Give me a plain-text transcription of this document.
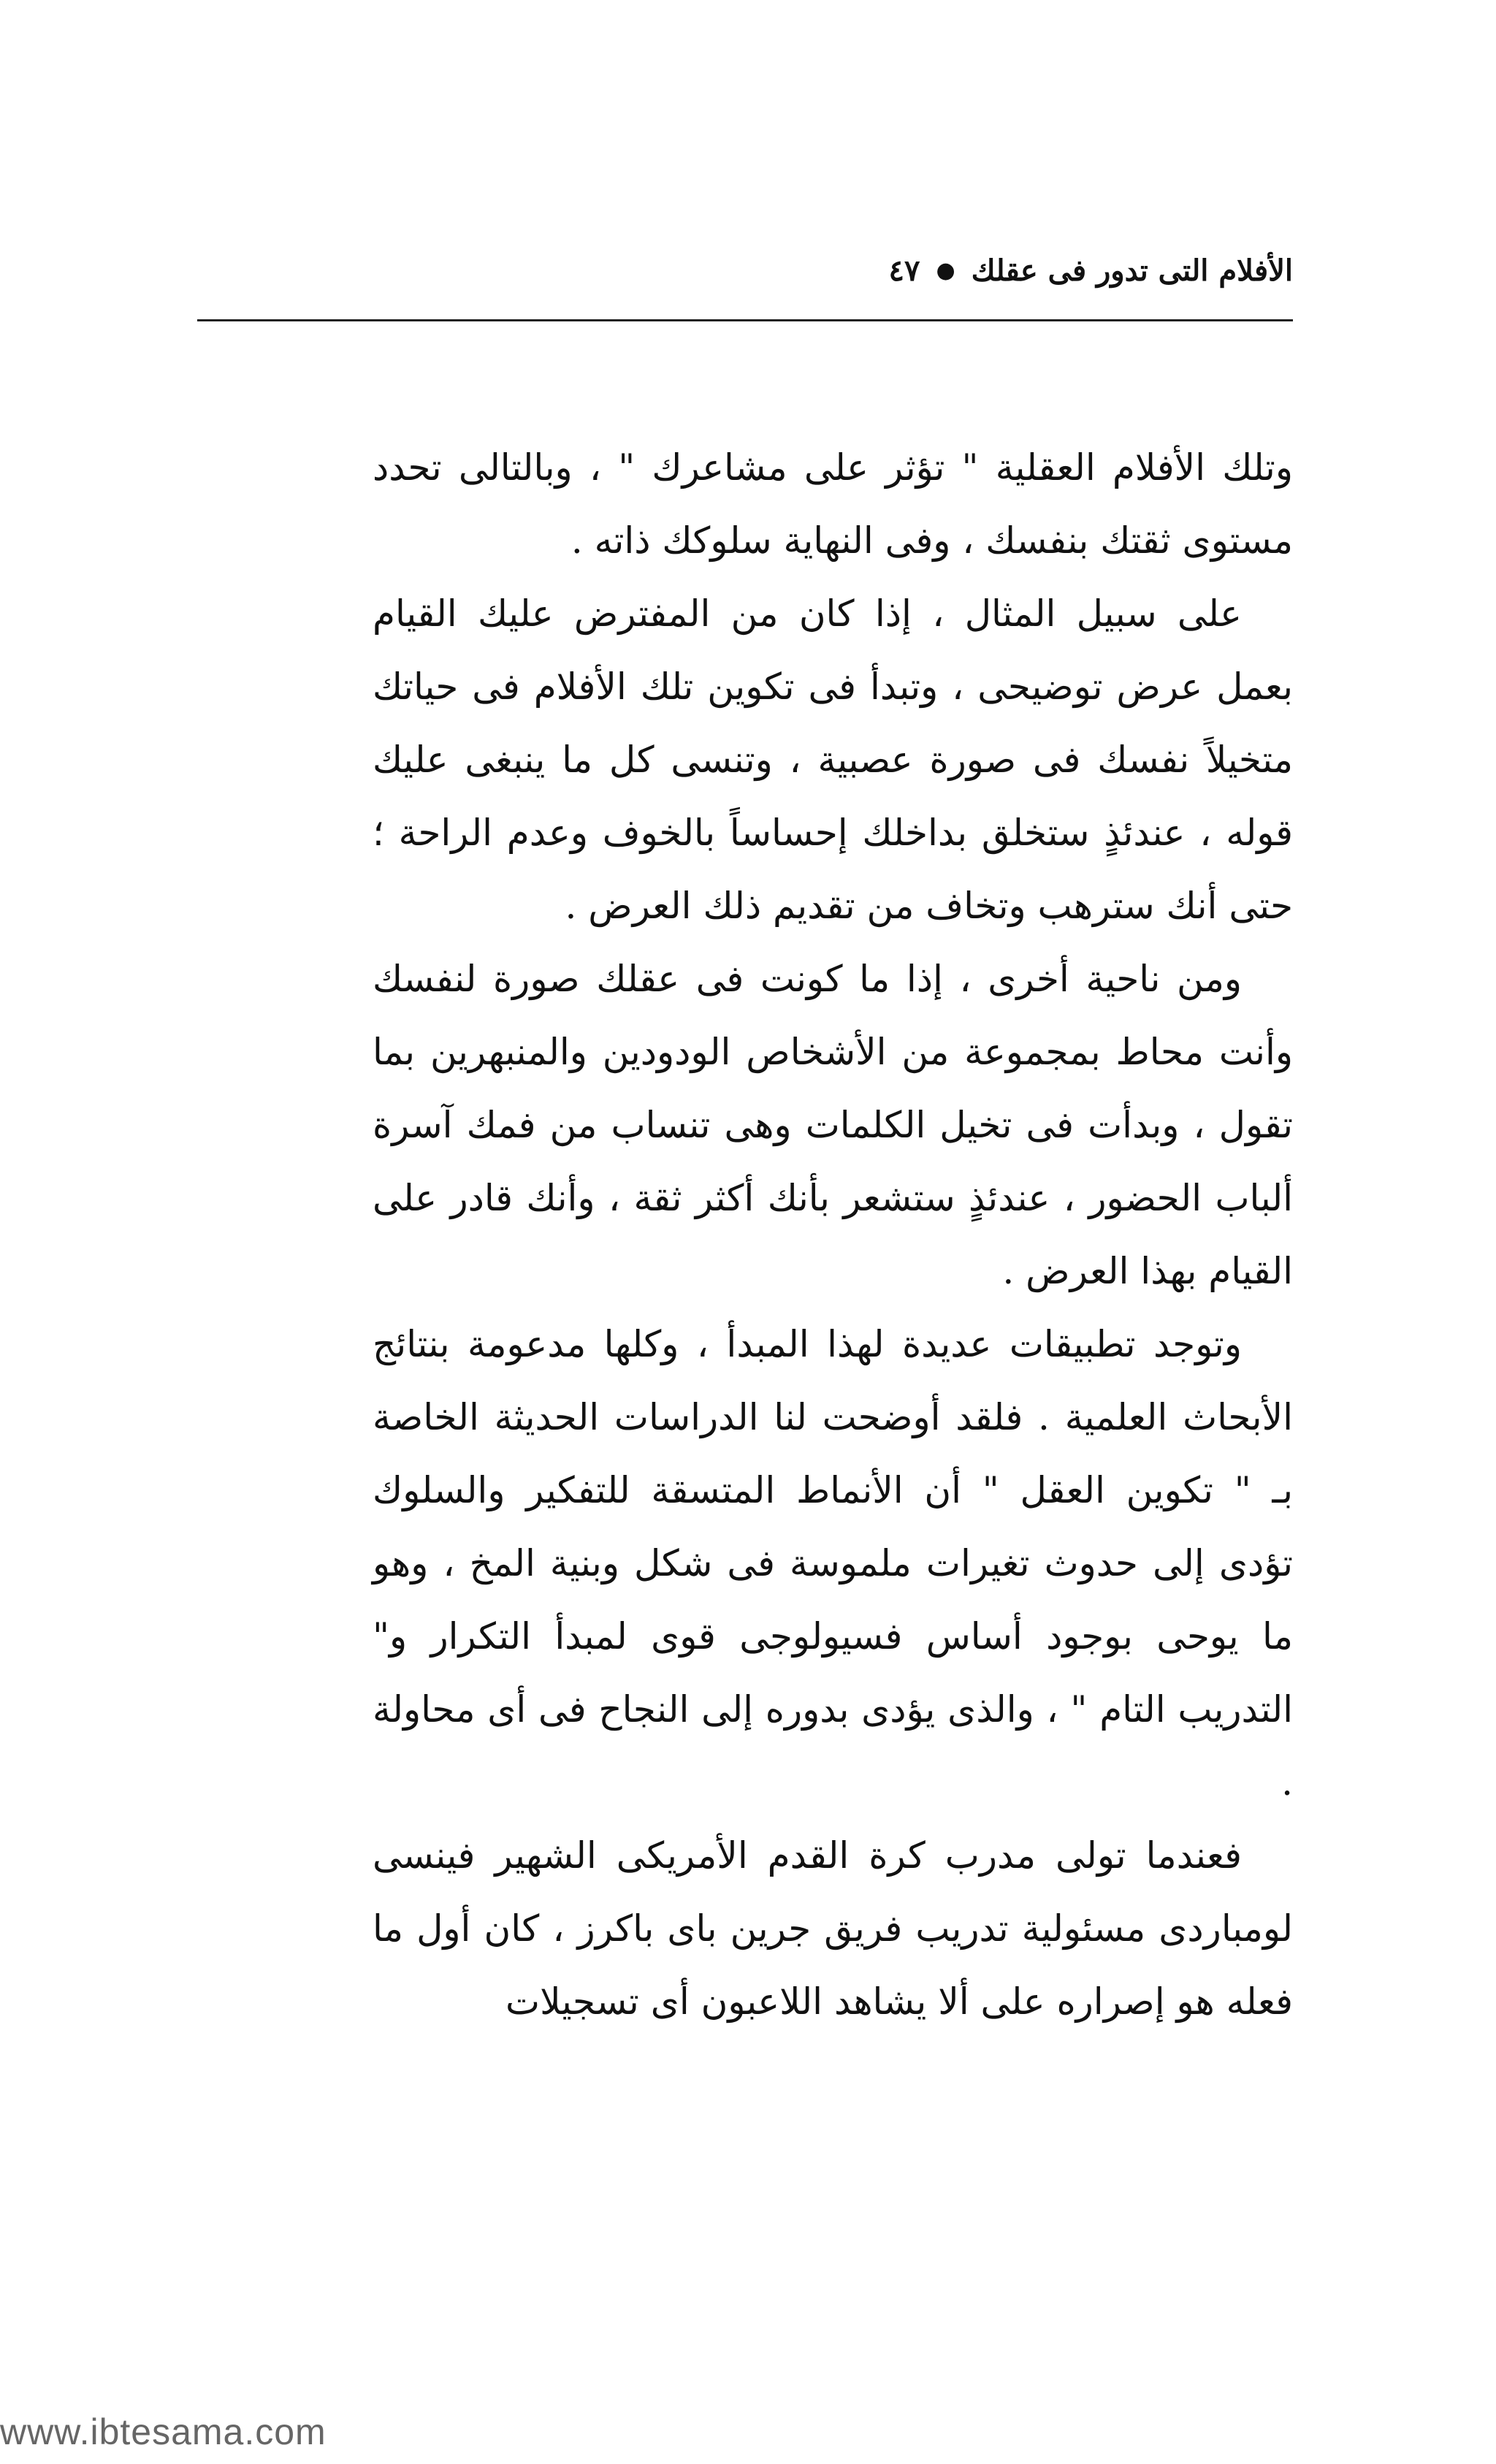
الأفلام التى تدور فى عقلك
●
٤٧

وتلك الأفلام العقلية " تؤثر على مشاعرك " ، وبالتالى تحدد مستوى ثقتك بنفسك ، وفى النهاية سلوكك ذاته .

على سبيل المثال ، إذا كان من المفترض عليك القيام بعمل عرض توضيحى ، وتبدأ فى تكوين تلك الأفلام فى حياتك متخيلاً نفسك فى صورة عصبية ، وتنسى كل ما ينبغى عليك قوله ، عندئذٍ ستخلق بداخلك إحساساً بالخوف وعدم الراحة ؛ حتى أنك سترهب وتخاف من تقديم ذلك العرض .

ومن ناحية أخرى ، إذا ما كونت فى عقلك صورة لنفسك وأنت محاط بمجموعة من الأشخاص الودودين والمنبهرين بما تقول ، وبدأت فى تخيل الكلمات وهى تنساب من فمك آسرة ألباب الحضور ، عندئذٍ ستشعر بأنك أكثر ثقة ، وأنك قادر على القيام بهذا العرض .

وتوجد تطبيقات عديدة لهذا المبدأ ، وكلها مدعومة بنتائج الأبحاث العلمية . فلقد أوضحت لنا الدراسات الحديثة الخاصة بـ " تكوين العقل " أن الأنماط المتسقة للتفكير والسلوك تؤدى إلى حدوث تغيرات ملموسة فى شكل وبنية المخ ، وهو ما يوحى بوجود أساس فسيولوجى قوى لمبدأ التكرار و" التدريب التام " ، والذى يؤدى بدوره إلى النجاح فى أى محاولة .

فعندما تولى مدرب كرة القدم الأمريكى الشهير فينسى لومباردى مسئولية تدريب فريق جرين باى باكرز ، كان أول ما فعله هو إصراره على ألا يشاهد اللاعبون أى تسجيلات

www.ibtesama.com
